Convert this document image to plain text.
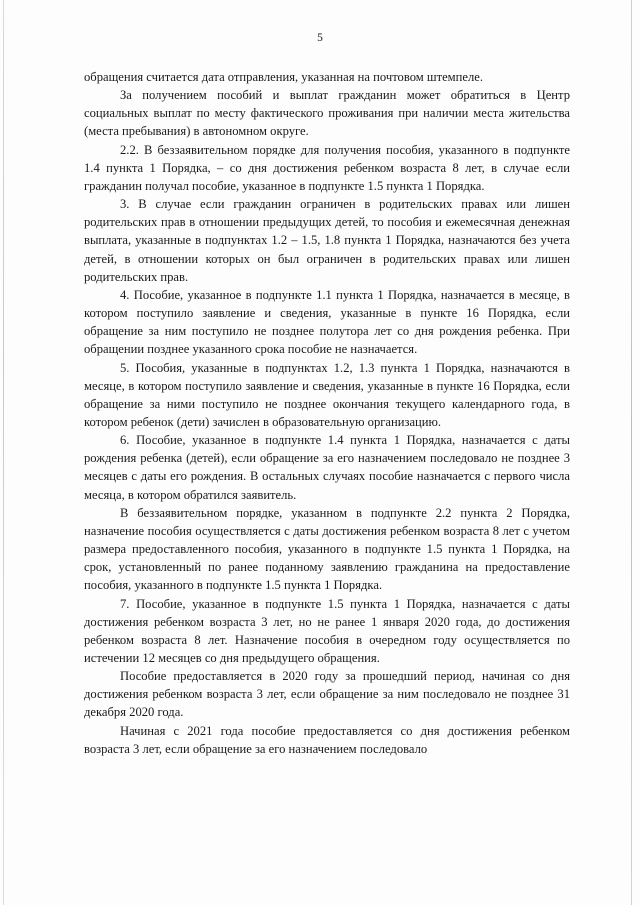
5

обращения считается дата отправления, указанная на почтовом штемпеле.

За получением пособий и выплат гражданин может обратиться в Центр социальных выплат по месту фактического проживания при наличии места жительства (места пребывания) в автономном округе.

2.2. В беззаявительном порядке для получения пособия, указанного в подпункте 1.4 пункта 1 Порядка, – со дня достижения ребенком возраста 8 лет, в случае если гражданин получал пособие, указанное в подпункте 1.5 пункта 1 Порядка.

3. В случае если гражданин ограничен в родительских правах или лишен родительских прав в отношении предыдущих детей, то пособия и ежемесячная денежная выплата, указанные в подпунктах 1.2 – 1.5, 1.8 пункта 1 Порядка, назначаются без учета детей, в отношении которых он был ограничен в родительских правах или лишен родительских прав.

4. Пособие, указанное в подпункте 1.1 пункта 1 Порядка, назначается в месяце, в котором поступило заявление и сведения, указанные в пункте 16 Порядка, если обращение за ним поступило не позднее полутора лет со дня рождения ребенка. При обращении позднее указанного срока пособие не назначается.

5. Пособия, указанные в подпунктах 1.2, 1.3 пункта 1 Порядка, назначаются в месяце, в котором поступило заявление и сведения, указанные в пункте 16 Порядка, если обращение за ними поступило не позднее окончания текущего календарного года, в котором ребенок (дети) зачислен в образовательную организацию.

6. Пособие, указанное в подпункте 1.4 пункта 1 Порядка, назначается с даты рождения ребенка (детей), если обращение за его назначением последовало не позднее 3 месяцев с даты его рождения. В остальных случаях пособие назначается с первого числа месяца, в котором обратился заявитель.

В беззаявительном порядке, указанном в подпункте 2.2 пункта 2 Порядка, назначение пособия осуществляется с даты достижения ребенком возраста 8 лет с учетом размера предоставленного пособия, указанного в подпункте 1.5 пункта 1 Порядка, на срок, установленный по ранее поданному заявлению гражданина на предоставление пособия, указанного в подпункте 1.5 пункта 1 Порядка.

7. Пособие, указанное в подпункте 1.5 пункта 1 Порядка, назначается с даты достижения ребенком возраста 3 лет, но не ранее 1 января 2020 года, до достижения ребенком возраста 8 лет. Назначение пособия в очередном году осуществляется по истечении 12 месяцев со дня предыдущего обращения.

Пособие предоставляется в 2020 году за прошедший период, начиная со дня достижения ребенком возраста 3 лет, если обращение за ним последовало не позднее 31 декабря 2020 года.

Начиная с 2021 года пособие предоставляется со дня достижения ребенком возраста 3 лет, если обращение за его назначением последовало
